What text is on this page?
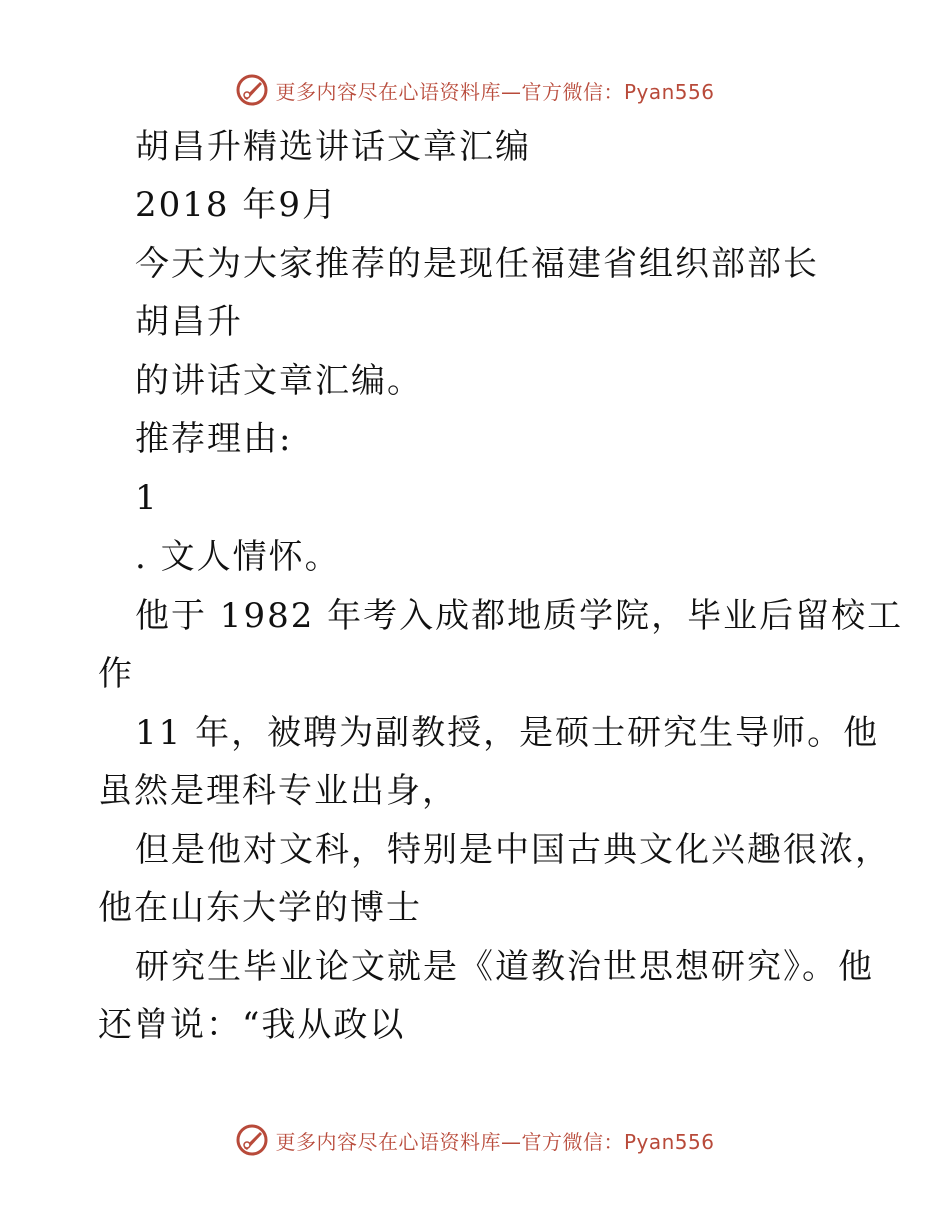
更多内容尽在心语资料库—官方微信：Pyan556
胡昌升精选讲话文章汇编
2018 年9月
今天为大家推荐的是现任福建省组织部部长
胡昌升
的讲话文章汇编。
推荐理由:
1
. 文人情怀。
他于 1982 年考入成都地质学院，毕业后留校工
作
11 年，被聘为副教授，是硕士研究生导师。他
虽然是理科专业出身，
但是他对文科，特别是中国古典文化兴趣很浓，
他在山东大学的博士
研究生毕业论文就是《道教治世思想研究》。他
还曾说：“我从政以
更多内容尽在心语资料库—官方微信：Pyan556
